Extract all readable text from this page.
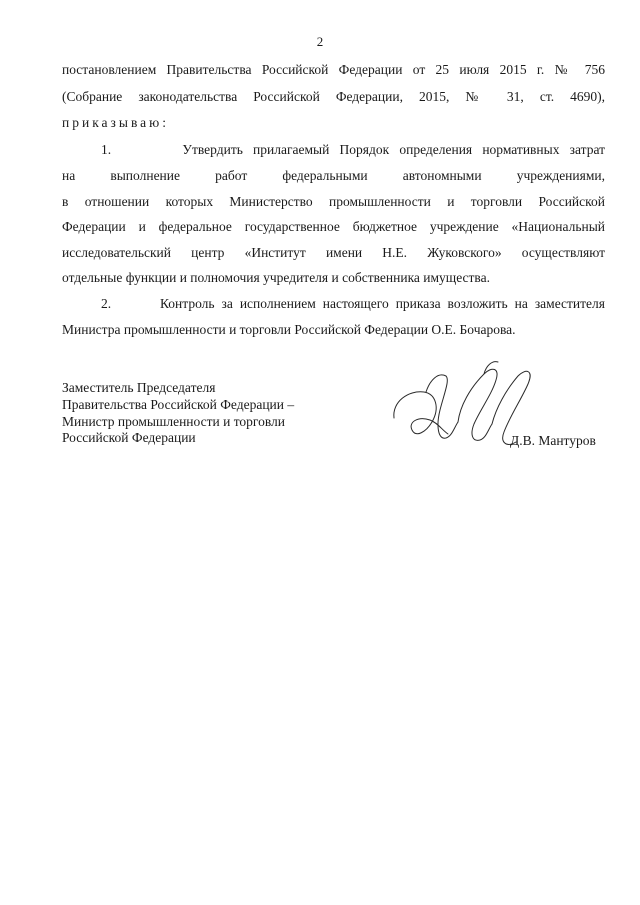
2
постановлением Правительства Российской Федерации от 25 июля 2015 г. № 756
(Собрание законодательства Российской Федерации, 2015, № 31, ст. 4690),
приказываю:
1.       Утвердить прилагаемый Порядок определения нормативных затрат
на выполнение работ федеральными автономными учреждениями,
в отношении которых Министерство промышленности и торговли Российской
Федерации и федеральное государственное бюджетное учреждение «Национальный
исследовательский центр «Институт имени Н.Е. Жуковского» осуществляют
отдельные функции и полномочия учредителя и собственника имущества.
2.       Контроль за исполнением настоящего приказа возложить на заместителя
Министра промышленности и торговли Российской Федерации О.Е. Бочарова.
Заместитель Председателя
Правительства Российской Федерации –
Министр промышленности и торговли
Российской Федерации	Д.В. Мантуров
